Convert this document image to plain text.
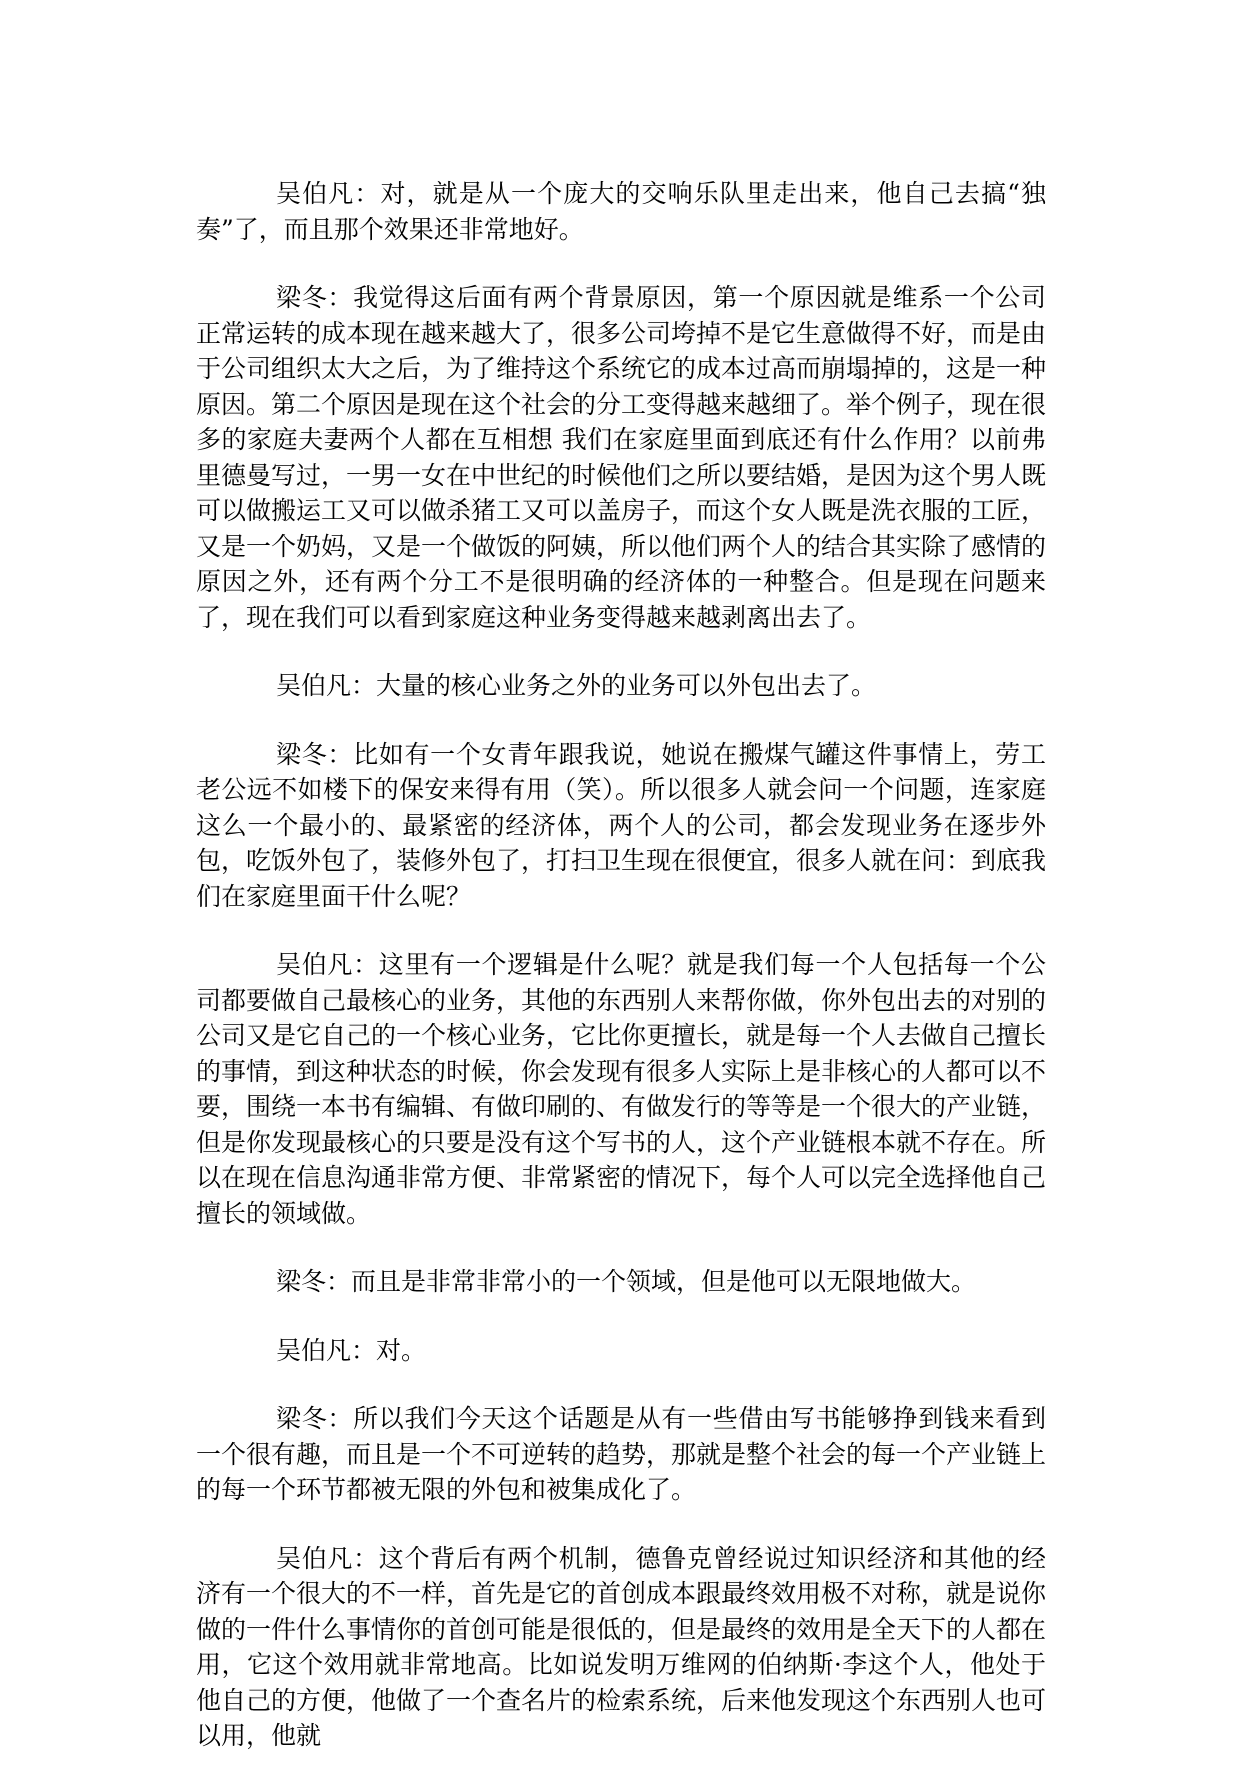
吴伯凡：对，就是从一个庞大的交响乐队里走出来，他自己去搞“独奏”了，而且那个效果还非常地好。

梁冬：我觉得这后面有两个背景原因，第一个原因就是维系一个公司正常运转的成本现在越来越大了，很多公司垮掉不是它生意做得不好，而是由于公司组织太大之后，为了维持这个系统它的成本过高而崩塌掉的，这是一种原因。第二个原因是现在这个社会的分工变得越来越细了。举个例子，现在很多的家庭夫妻两个人都在互相想 我们在家庭里面到底还有什么作用？以前弗里德曼写过，一男一女在中世纪的时候他们之所以要结婚，是因为这个男人既可以做搬运工又可以做杀猪工又可以盖房子，而这个女人既是洗衣服的工匠，又是一个奶妈，又是一个做饭的阿姨，所以他们两个人的结合其实除了感情的原因之外，还有两个分工不是很明确的经济体的一种整合。但是现在问题来了，现在我们可以看到家庭这种业务变得越来越剥离出去了。

吴伯凡：大量的核心业务之外的业务可以外包出去了。

梁冬：比如有一个女青年跟我说，她说在搬煤气罐这件事情上，劳工老公远不如楼下的保安来得有用（笑）。所以很多人就会问一个问题，连家庭这么一个最小的、最紧密的经济体，两个人的公司，都会发现业务在逐步外包，吃饭外包了，装修外包了，打扫卫生现在很便宜，很多人就在问：到底我们在家庭里面干什么呢？

吴伯凡：这里有一个逻辑是什么呢？就是我们每一个人包括每一个公司都要做自己最核心的业务，其他的东西别人来帮你做，你外包出去的对别的公司又是它自己的一个核心业务，它比你更擅长，就是每一个人去做自己擅长的事情，到这种状态的时候，你会发现有很多人实际上是非核心的人都可以不要，围绕一本书有编辑、有做印刷的、有做发行的等等是一个很大的产业链，但是你发现最核心的只要是没有这个写书的人，这个产业链根本就不存在。所以在现在信息沟通非常方便、非常紧密的情况下，每个人可以完全选择他自己擅长的领域做。

梁冬：而且是非常非常小的一个领域，但是他可以无限地做大。

吴伯凡：对。

梁冬：所以我们今天这个话题是从有一些借由写书能够挣到钱来看到一个很有趣，而且是一个不可逆转的趋势，那就是整个社会的每一个产业链上的每一个环节都被无限的外包和被集成化了。

吴伯凡：这个背后有两个机制，德鲁克曾经说过知识经济和其他的经济有一个很大的不一样，首先是它的首创成本跟最终效用极不对称，就是说你做的一件什么事情你的首创可能是很低的，但是最终的效用是全天下的人都在用，它这个效用就非常地高。比如说发明万维网的伯纳斯·李这个人，他处于他自己的方便，他做了一个查名片的检索系统，后来他发现这个东西别人也可以用，他就
